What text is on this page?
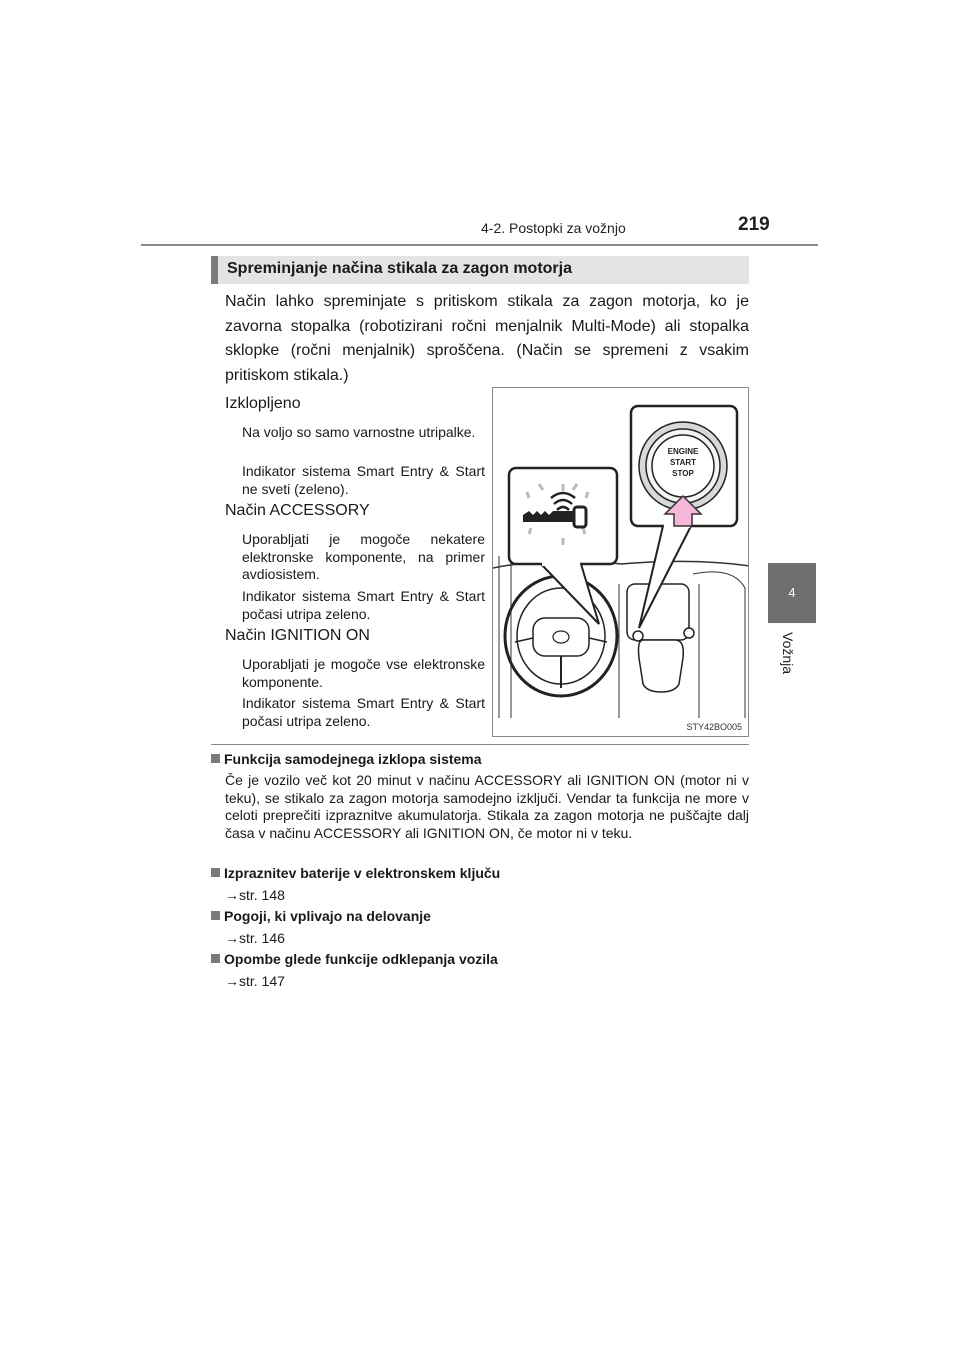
4-2. Postopki za vožnjo	219
4
Vožnja
Spreminjanje načina stikala za zagon motorja
Način lahko spreminjate s pritiskom stikala za zagon motorja, ko je zavorna stopalka (robotizirani ročni menjalnik Multi-Mode) ali stopalka sklopke (ročni menjalnik) sproščena. (Način se spremeni z vsakim pritiskom stikala.)
Izklopljeno
Na voljo so samo varnostne utripalke.
Indikator sistema Smart Entry & Start ne sveti (zeleno).
Način ACCESSORY
Uporabljati je mogoče nekatere elektronske komponente, na primer avdiosistem.
Indikator sistema Smart Entry & Start počasi utripa zeleno.
Način IGNITION ON
Uporabljati je mogoče vse elektronske komponente.
Indikator sistema Smart Entry & Start počasi utripa zeleno.
ENGINE
START
STOP
STY42BO005
Funkcija samodejnega izklopa sistema
Če je vozilo več kot 20 minut v načinu ACCESSORY ali IGNITION ON (motor ni v teku), se stikalo za zagon motorja samodejno izključi. Vendar ta funkcija ne more v celoti preprečiti izpraznitve akumulatorja. Stikala za zagon motorja ne puščajte dalj časa v načinu ACCESSORY ali IGNITION ON, če motor ni v teku.
Izpraznitev baterije v elektronskem ključu
→str. 148
Pogoji, ki vplivajo na delovanje
→str. 146
Opombe glede funkcije odklepanja vozila
→str. 147
